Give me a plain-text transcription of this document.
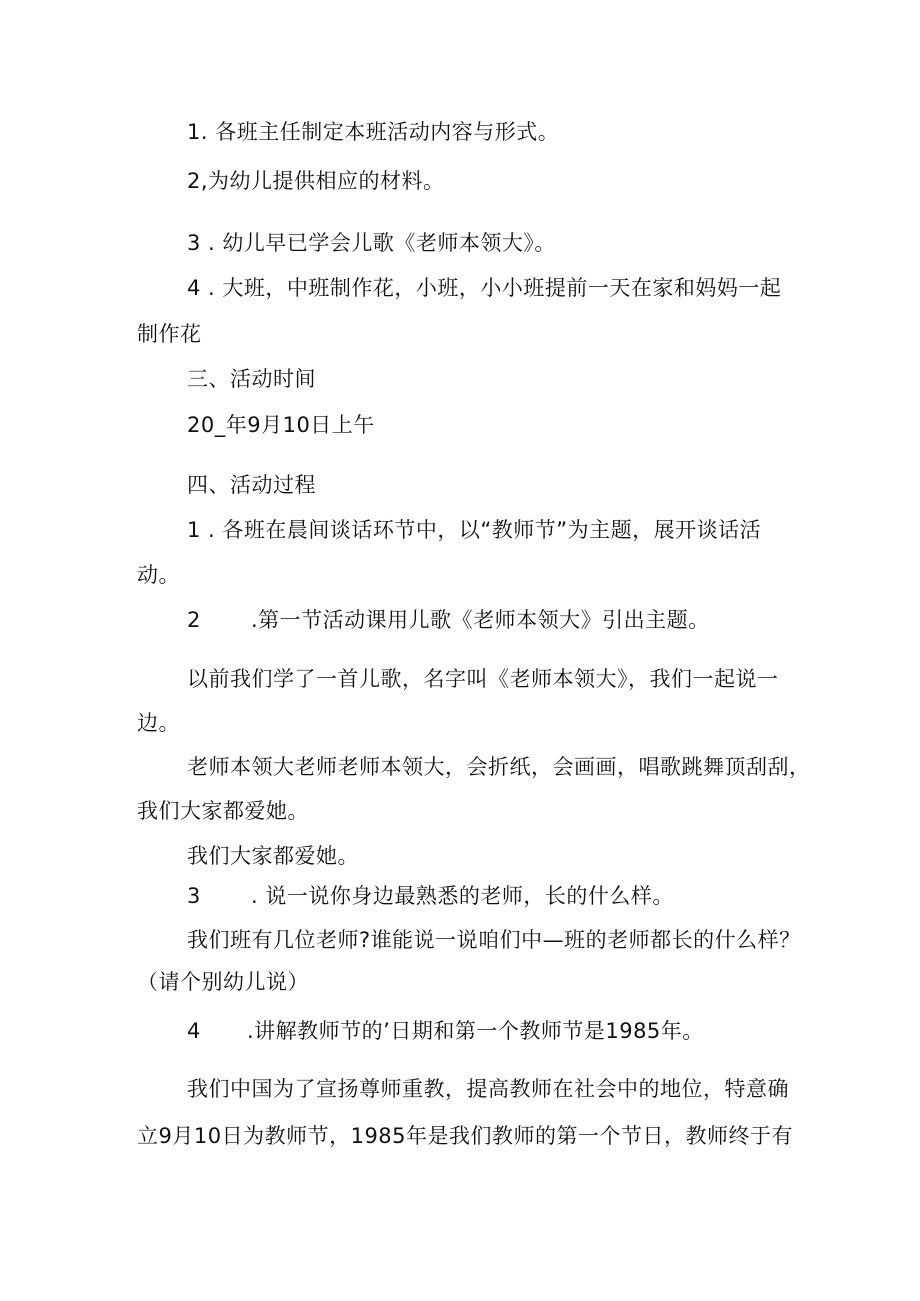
1. 各班主任制定本班活动内容与形式。
2,为幼儿提供相应的材料。
3 . 幼儿早已学会儿歌《老师本领大》。
4 . 大班，中班制作花，小班，小小班提前一天在家和妈妈一起
制作花
三、活动时间
20_年9月10日上午
四、活动过程
1 . 各班在晨间谈话环节中，以“教师节”为主题，展开谈话活
动。
2 .第一节活动课用儿歌《老师本领大》引出主题。
以前我们学了一首儿歌，名字叫《老师本领大》，我们一起说一
边。
老师本领大老师老师本领大，会折纸，会画画，唱歌跳舞顶刮刮，
我们大家都爱她。
我们大家都爱她。
3 . 说一说你身边最熟悉的老师，长的什么样。
我们班有几位老师?谁能说一说咱们中—班的老师都长的什么样？
（请个别幼儿说）
4 .讲解教师节的’日期和第一个教师节是1985年。
我们中国为了宣扬尊师重教，提高教师在社会中的地位，特意确
立9月10日为教师节，1985年是我们教师的第一个节日，教师终于有
